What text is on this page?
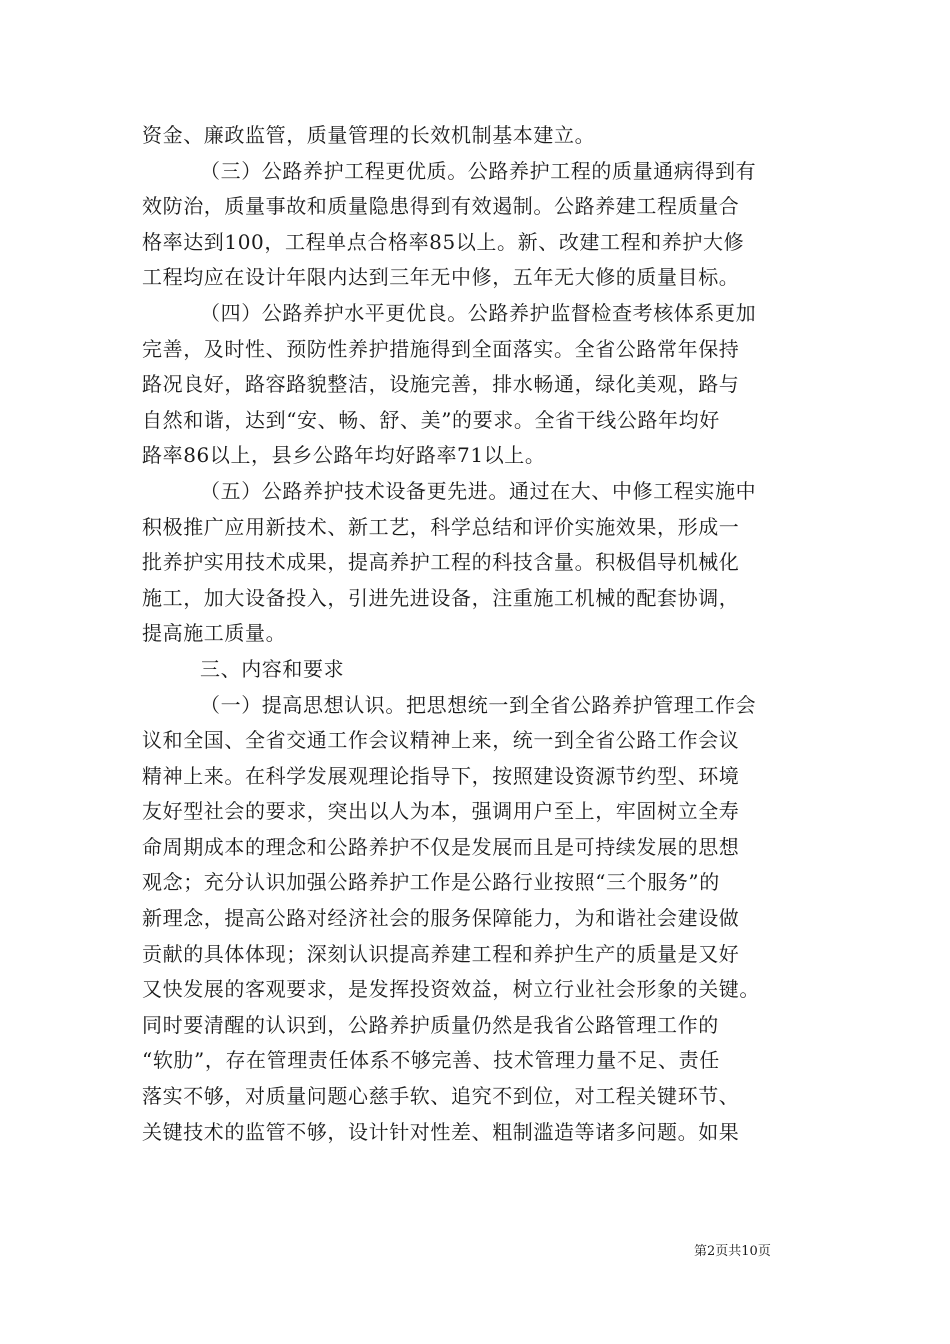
资金、廉政监管，质量管理的长效机制基本建立。
（三）公路养护工程更优质。公路养护工程的质量通病得到有
效防治，质量事故和质量隐患得到有效遏制。公路养建工程质量合
格率达到100，工程单点合格率85以上。新、改建工程和养护大修
工程均应在设计年限内达到三年无中修，五年无大修的质量目标。
（四）公路养护水平更优良。公路养护监督检查考核体系更加
完善，及时性、预防性养护措施得到全面落实。全省公路常年保持
路况良好，路容路貌整洁，设施完善，排水畅通，绿化美观，路与
自然和谐，达到“安、畅、舒、美”的要求。全省干线公路年均好
路率86以上，县乡公路年均好路率71以上。
（五）公路养护技术设备更先进。通过在大、中修工程实施中
积极推广应用新技术、新工艺，科学总结和评价实施效果，形成一
批养护实用技术成果，提高养护工程的科技含量。积极倡导机械化
施工，加大设备投入，引进先进设备，注重施工机械的配套协调，
提高施工质量。
三、内容和要求
（一）提高思想认识。把思想统一到全省公路养护管理工作会
议和全国、全省交通工作会议精神上来，统一到全省公路工作会议
精神上来。在科学发展观理论指导下，按照建设资源节约型、环境
友好型社会的要求，突出以人为本，强调用户至上，牢固树立全寿
命周期成本的理念和公路养护不仅是发展而且是可持续发展的思想
观念；充分认识加强公路养护工作是公路行业按照“三个服务”的
新理念，提高公路对经济社会的服务保障能力，为和谐社会建设做
贡献的具体体现；深刻认识提高养建工程和养护生产的质量是又好
又快发展的客观要求，是发挥投资效益，树立行业社会形象的关键。
同时要清醒的认识到，公路养护质量仍然是我省公路管理工作的
“软肋”，存在管理责任体系不够完善、技术管理力量不足、责任
落实不够，对质量问题心慈手软、追究不到位，对工程关键环节、
关键技术的监管不够，设计针对性差、粗制滥造等诸多问题。如果
第2页共10页
